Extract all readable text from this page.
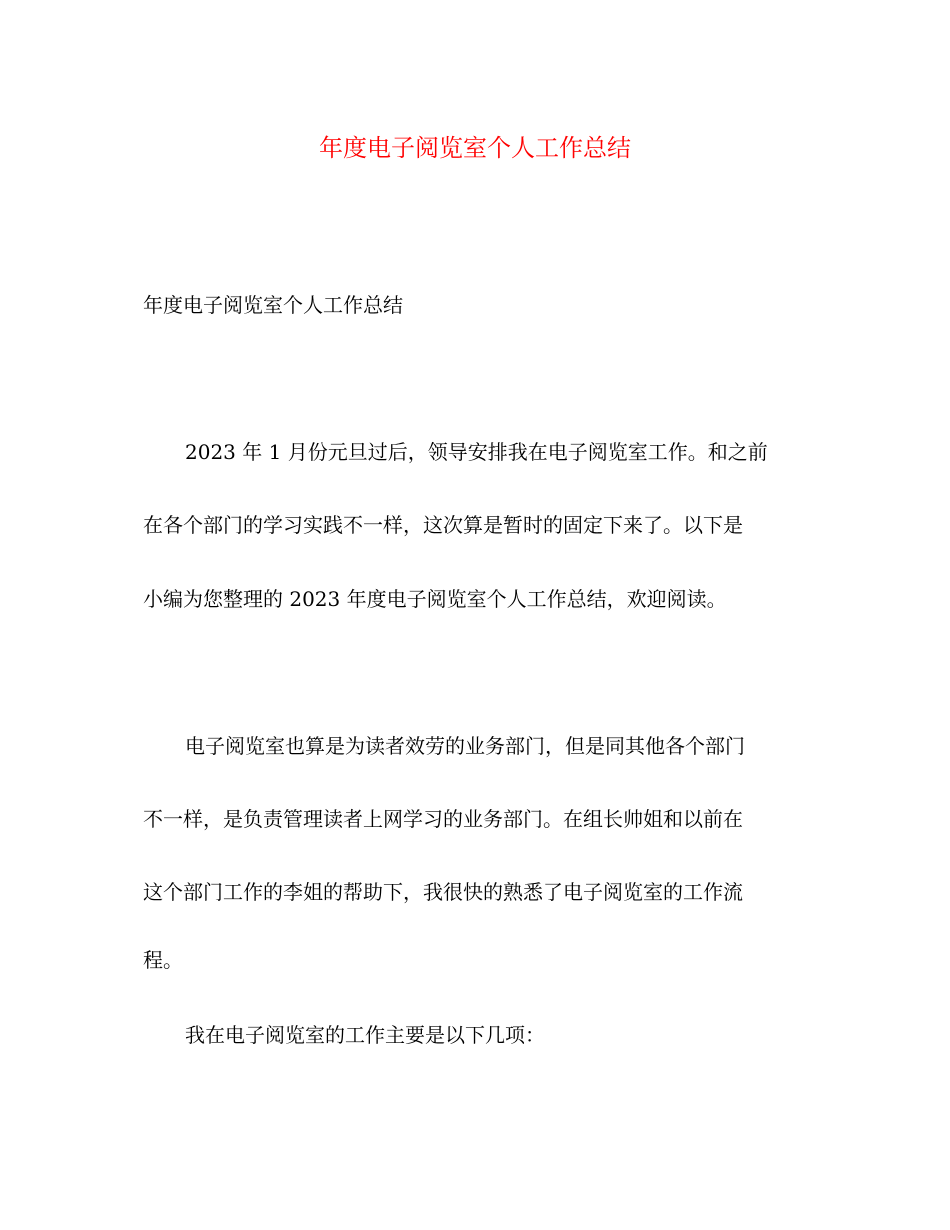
年度电子阅览室个人工作总结
年度电子阅览室个人工作总结
2023 年 1 月份元旦过后，领导安排我在电子阅览室工作。和之前
在各个部门的学习实践不一样，这次算是暂时的固定下来了。以下是
小编为您整理的 2023 年度电子阅览室个人工作总结，欢迎阅读。
电子阅览室也算是为读者效劳的业务部门，但是同其他各个部门
不一样，是负责管理读者上网学习的业务部门。在组长帅姐和以前在
这个部门工作的李姐的帮助下，我很快的熟悉了电子阅览室的工作流
程。
我在电子阅览室的工作主要是以下几项：
